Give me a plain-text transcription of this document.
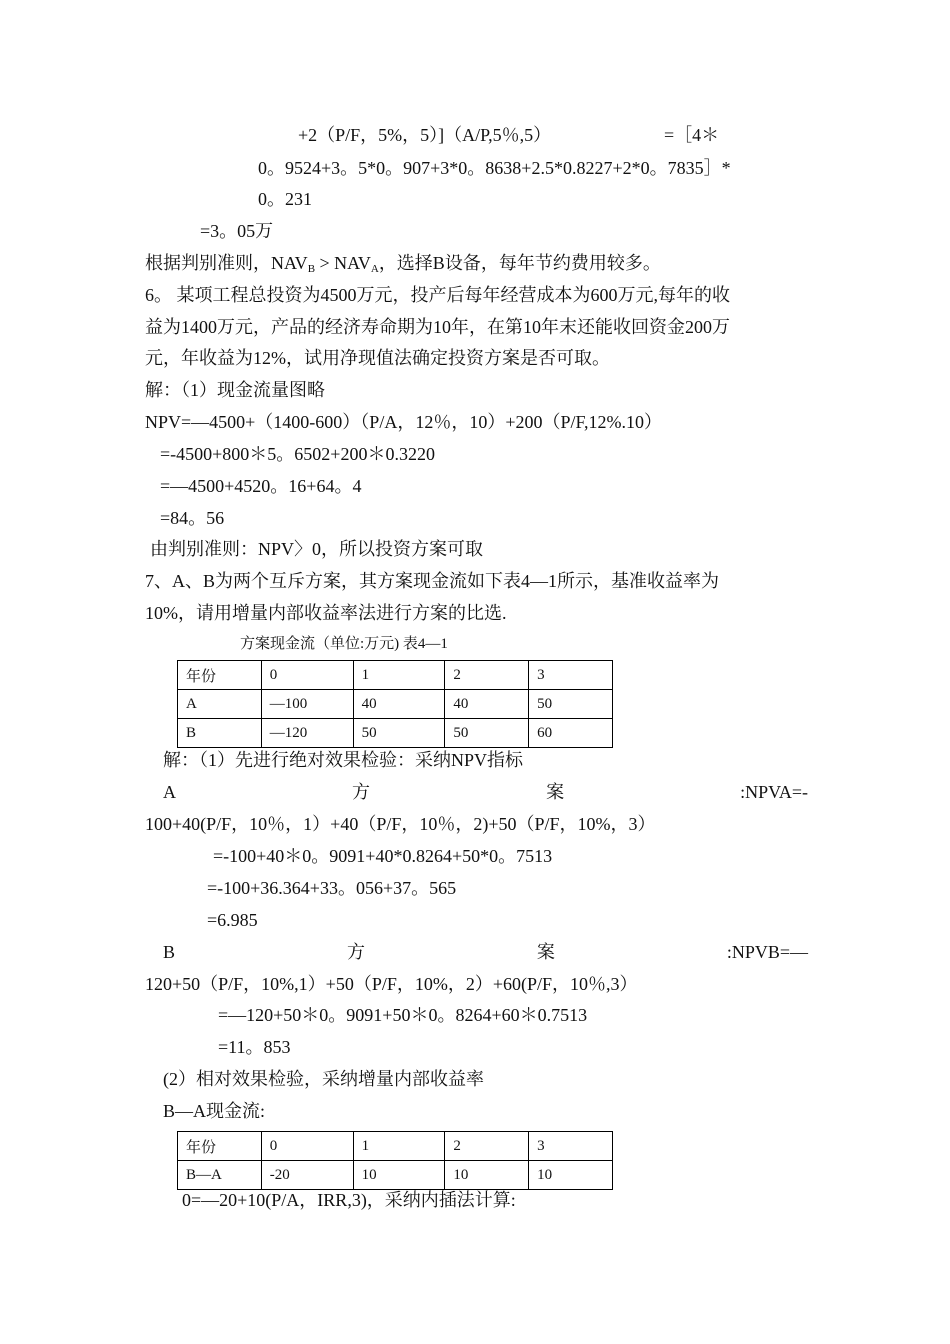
+2（P/F，5%，5）]（A/P,5％,5）	=［4＊
0。9524+3。5*0。907+3*0。8638+2.5*0.8227+2*0。7835］*
0。231
=3。05万
根据判别准则，$NAV_B > NAV_A$，选择B设备，每年节约费用较多。
6。 某项工程总投资为4500万元，投产后每年经营成本为600万元,每年的收
益为1400万元，产品的经济寿命期为10年，在第10年末还能收回资金200万
元，年收益为12%，试用净现值法确定投资方案是否可取。
解：（1）现金流量图略
NPV=—4500+（1400-600）（P/A，12％，10）+200（P/F,12%.10）
=-4500+800＊5。6502+200＊0.3220
=—4500+4520。16+64。4
=84。56
由判别准则：NPV〉0，所以投资方案可取
7、A、B为两个互斥方案，其方案现金流如下表4—1所示，基准收益率为
10%，请用增量内部收益率法进行方案的比选.
方案现金流（单位:万元) 表4—1
年份	0	1	2	3
A	—100	40	40	50
B	—120	50	50	60
解：（1）先进行绝对效果检验：采纳NPV指标
A	方	案	:NPVA=-
100+40(P/F，10％，1）+40（P/F，10％，2)+50（P/F，10%，3）
=-100+40＊0。9091+40*0.8264+50*0。7513
=-100+36.364+33。056+37。565
=6.985
B	方	案	:NPVB=—
120+50（P/F，10%,1）+50（P/F，10%，2）+60(P/F，10％,3）
=—120+50＊0。9091+50＊0。8264+60＊0.7513
=11。853
(2）相对效果检验，采纳增量内部收益率
B—A现金流:
年份	0	1	2	3
B—A	-20	10	10	10
0=—20+10(P/A，IRR,3)，采纳内插法计算:
